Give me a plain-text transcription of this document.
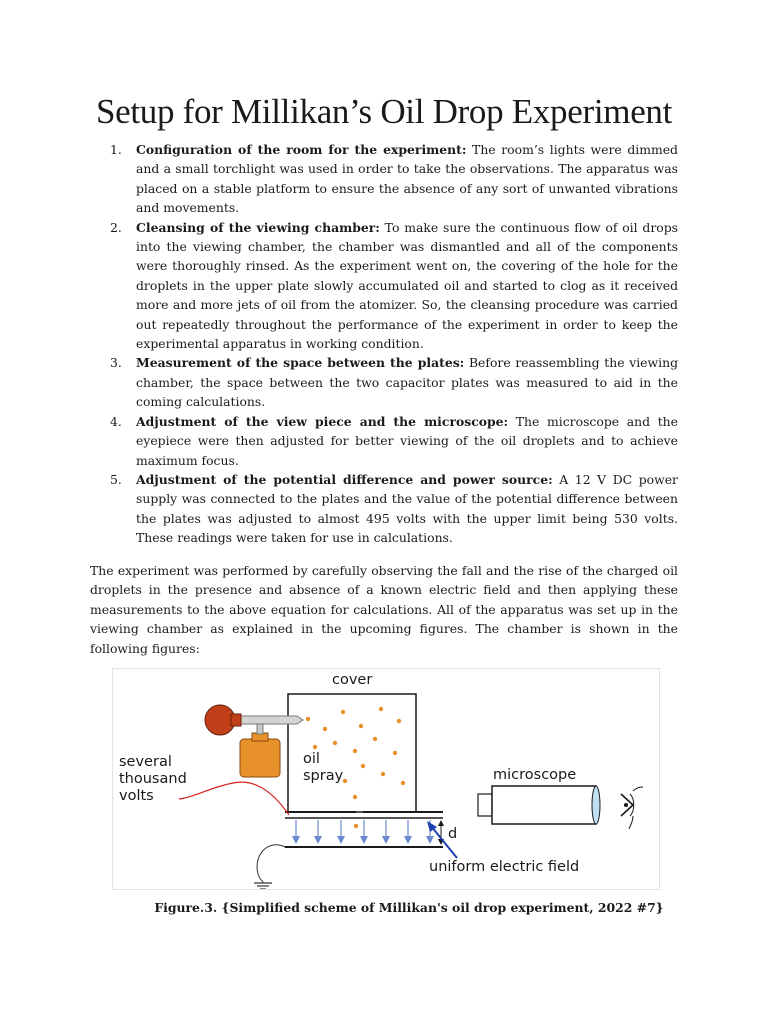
Setup for Millikan’s Oil Drop Experiment
1. Configuration of the room for the experiment: The room’s lights were dimmed and a small torchlight was used in order to take the observations. The apparatus was placed on a stable platform to ensure the absence of any sort of unwanted vibrations and movements.
2. Cleansing of the viewing chamber: To make sure the continuous flow of oil drops into the viewing chamber, the chamber was dismantled and all of the components were thoroughly rinsed. As the experiment went on, the covering of the hole for the droplets in the upper plate slowly accumulated oil and started to clog as it received more and more jets of oil from the atomizer. So, the cleansing procedure was carried out repeatedly throughout the performance of the experiment in order to keep the experimental apparatus in working condition.
3. Measurement of the space between the plates: Before reassembling the viewing chamber, the space between the two capacitor plates was measured to aid in the coming calculations.
4. Adjustment of the view piece and the microscope: The microscope and the eyepiece were then adjusted for better viewing of the oil droplets and to achieve maximum focus.
5. Adjustment of the potential difference and power source: A 12 V DC power supply was connected to the plates and the value of the potential difference between the plates was adjusted to almost 495 volts with the upper limit being 530 volts. These readings were taken for use in calculations.

The experiment was performed by carefully observing the fall and the rise of the charged oil droplets in the presence and absence of a known electric field and then applying these measurements to the above equation for calculations. All of the apparatus was set up in the viewing chamber as explained in the upcoming figures. The chamber is shown in the following figures:

cover
oil
spray
d
several
thousand
volts
microscope
uniform electric field

Figure.3. {Simplified scheme of Millikan's oil drop experiment, 2022 #7}
